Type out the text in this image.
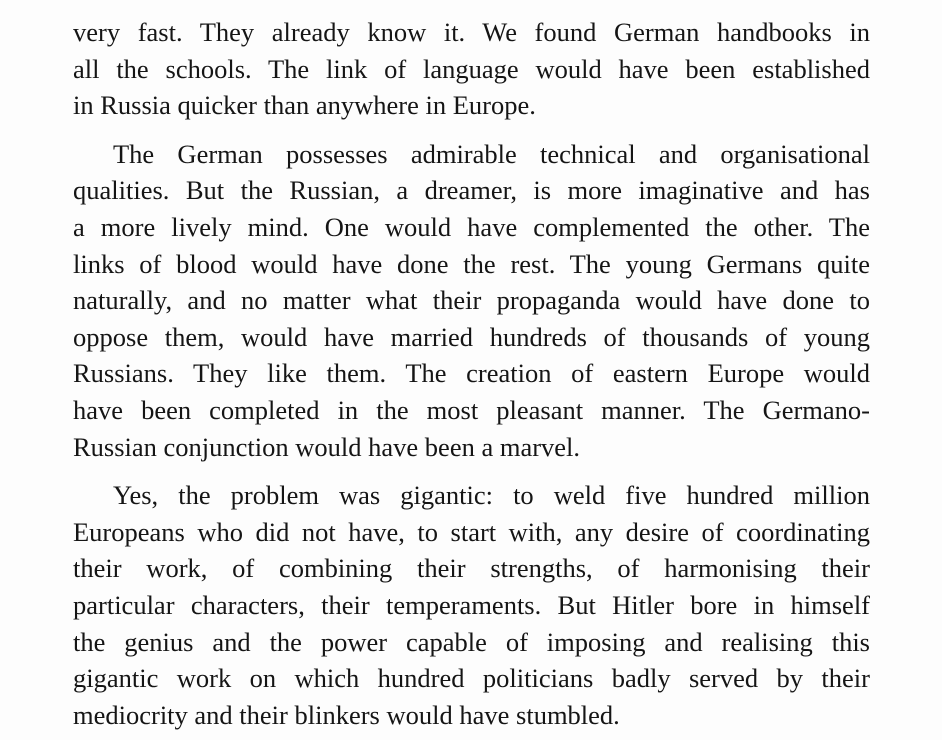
very fast. They already know it. We found German handbooks in
all the schools. The link of language would have been established
in Russia quicker than anywhere in Europe.
The German possesses admirable technical and organisational
qualities. But the Russian, a dreamer, is more imaginative and has
a more lively mind. One would have complemented the other. The
links of blood would have done the rest. The young Germans quite
naturally, and no matter what their propaganda would have done to
oppose them, would have married hundreds of thousands of young
Russians. They like them. The creation of eastern Europe would
have been completed in the most pleasant manner. The Germano-
Russian conjunction would have been a marvel.
Yes, the problem was gigantic: to weld five hundred million
Europeans who did not have, to start with, any desire of coordinating
their work, of combining their strengths, of harmonising their
particular characters, their temperaments. But Hitler bore in himself
the genius and the power capable of imposing and realising this
gigantic work on which hundred politicians badly served by their
mediocrity and their blinkers would have stumbled.
